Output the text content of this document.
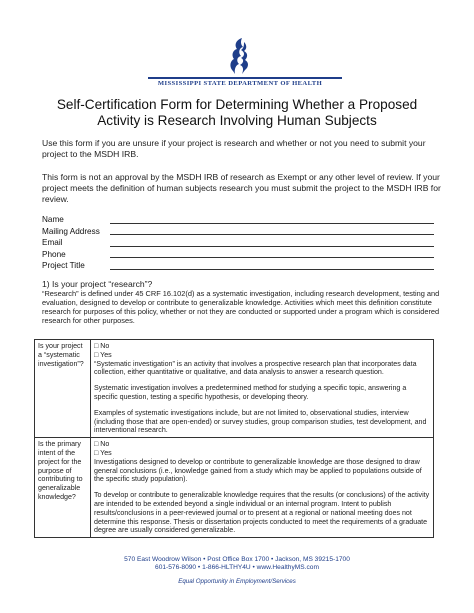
MISSISSIPPI STATE DEPARTMENT OF HEALTH
Self-Certification Form for Determining Whether a Proposed
Activity is Research Involving Human Subjects
Use this form if you are unsure if your project is research and whether or not you need to submit your project to the MSDH IRB.
This form is not an approval by the MSDH IRB of research as Exempt or any other level of review. If your project meets the definition of human subjects research you must submit the project to the MSDH IRB for review.
Name
Mailing Address
Email
Phone
Project Title
1) Is your project “research”?
“Research” is defined under 45 CRF 16.102(d) as a systematic investigation, including research development, testing and evaluation, designed to develop or contribute to generalizable knowledge. Activities which meet this definition constitute research for purposes of this policy, whether or not they are conducted or supported under a program which is considered research for other purposes.
Is your project a “systematic investigation”?	□ No
□ Yes
“Systematic investigation” is an activity that involves a prospective research plan that incorporates data collection, either quantitative or qualitative, and data analysis to answer a research question.
Systematic investigation involves a predetermined method for studying a specific topic, answering a specific question, testing a specific hypothesis, or developing theory.
Examples of systematic investigations include, but are not limited to, observational studies, interview (including those that are open-ended) or survey studies, group comparison studies, test development, and interventional research.

Is the primary intent of the project for the purpose of contributing to generalizable knowledge?	□ No
□ Yes
Investigations designed to develop or contribute to generalizable knowledge are those designed to draw general conclusions (i.e., knowledge gained from a study which may be applied to populations outside of the specific study population).
To develop or contribute to generalizable knowledge requires that the results (or conclusions) of the activity are intended to be extended beyond a single individual or an internal program. Intent to publish results/conclusions in a peer-reviewed journal or to present at a regional or national meeting does not determine this response. Thesis or dissertation projects conducted to meet the requirements of a graduate degree are usually considered generalizable.
570 East Woodrow Wilson • Post Office Box 1700 • Jackson, MS 39215-1700
601-576-8090 • 1-866-HLTHY4U • www.HealthyMS.com
Equal Opportunity in Employment/Services
